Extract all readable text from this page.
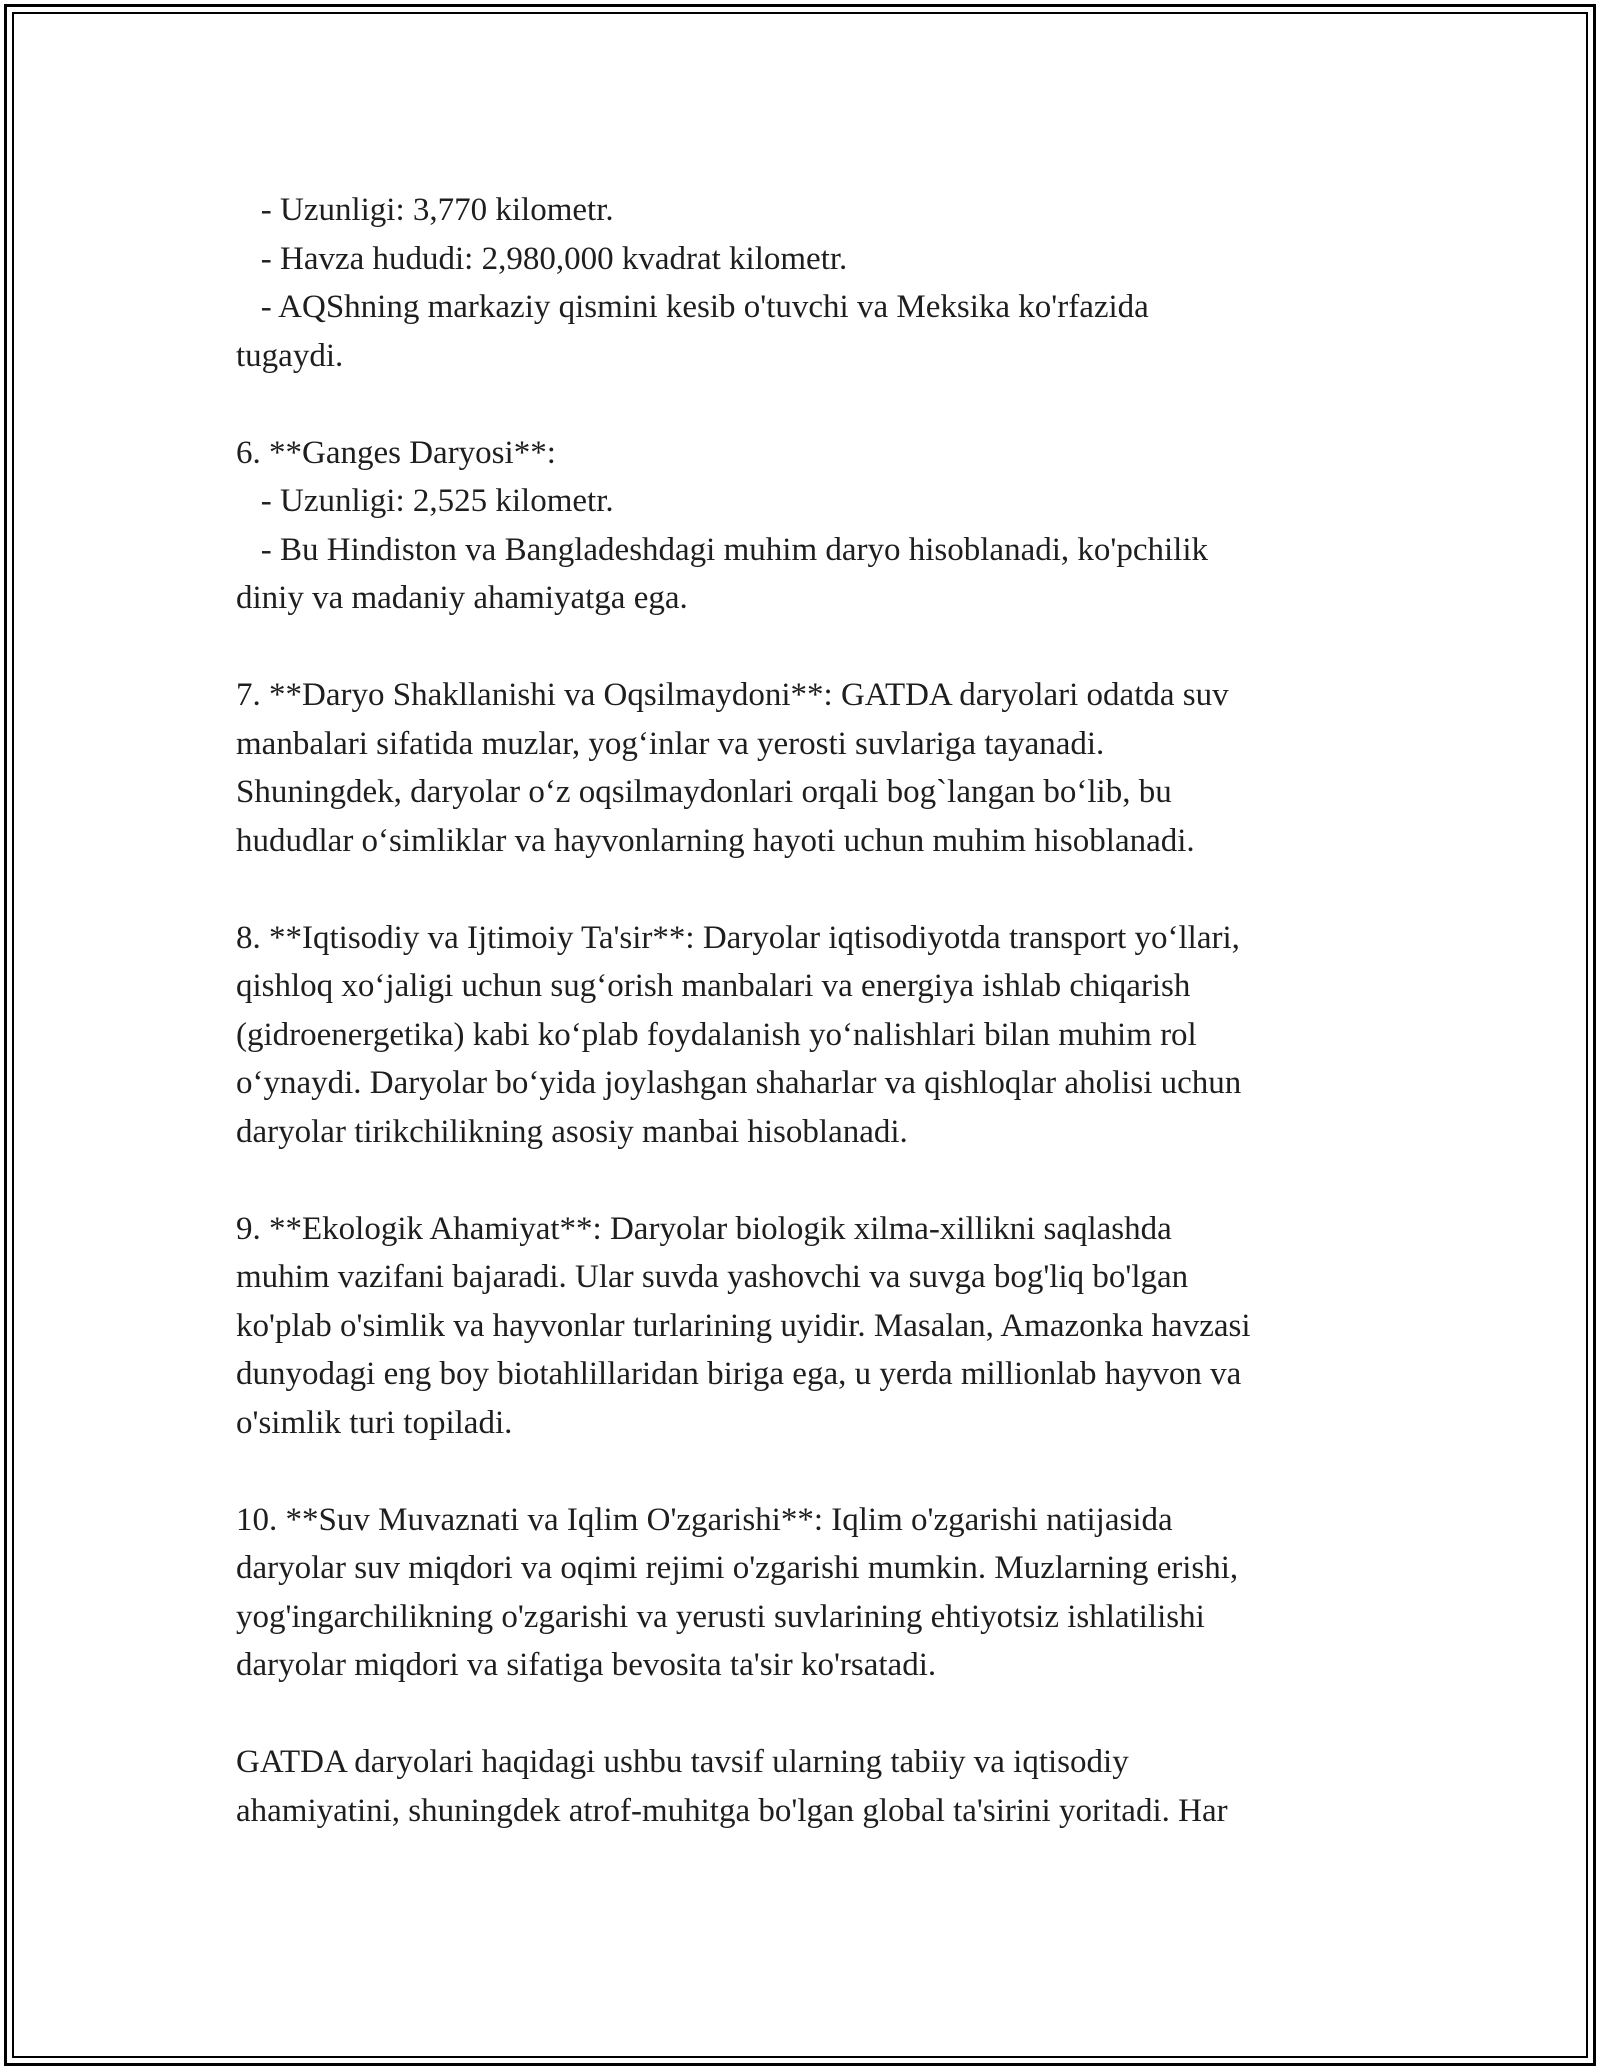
- Uzunligi: 3,770 kilometr.
- Havza hududi: 2,980,000 kvadrat kilometr.
- AQShning markaziy qismini kesib o'tuvchi va Meksika ko'rfazida
tugaydi.
6. **Ganges Daryosi**:
- Uzunligi: 2,525 kilometr.
- Bu Hindiston va Bangladeshdagi muhim daryo hisoblanadi, ko'pchilik
diniy va madaniy ahamiyatga ega.
7. **Daryo Shakllanishi va Oqsilmaydoni**: GATDA daryolari odatda suv
manbalari sifatida muzlar, yog‘inlar va yerosti suvlariga tayanadi.
Shuningdek, daryolar o‘z oqsilmaydonlari orqali bog`langan bo‘lib, bu
hududlar o‘simliklar va hayvonlarning hayoti uchun muhim hisoblanadi.
8. **Iqtisodiy va Ijtimoiy Ta'sir**: Daryolar iqtisodiyotda transport yo‘llari,
qishloq xo‘jaligi uchun sug‘orish manbalari va energiya ishlab chiqarish
(gidroenergetika) kabi ko‘plab foydalanish yo‘nalishlari bilan muhim rol
o‘ynaydi. Daryolar bo‘yida joylashgan shaharlar va qishloqlar aholisi uchun
daryolar tirikchilikning asosiy manbai hisoblanadi.
9. **Ekologik Ahamiyat**: Daryolar biologik xilma-xillikni saqlashda
muhim vazifani bajaradi. Ular suvda yashovchi va suvga bog'liq bo'lgan
ko'plab o'simlik va hayvonlar turlarining uyidir. Masalan, Amazonka havzasi
dunyodagi eng boy biotahlillaridan biriga ega, u yerda millionlab hayvon va
o'simlik turi topiladi.
10. **Suv Muvaznati va Iqlim O'zgarishi**: Iqlim o'zgarishi natijasida
daryolar suv miqdori va oqimi rejimi o'zgarishi mumkin. Muzlarning erishi,
yog'ingarchilikning o'zgarishi va yerusti suvlarining ehtiyotsiz ishlatilishi
daryolar miqdori va sifatiga bevosita ta'sir ko'rsatadi.
GATDA daryolari haqidagi ushbu tavsif ularning tabiiy va iqtisodiy
ahamiyatini, shuningdek atrof-muhitga bo'lgan global ta'sirini yoritadi. Har
